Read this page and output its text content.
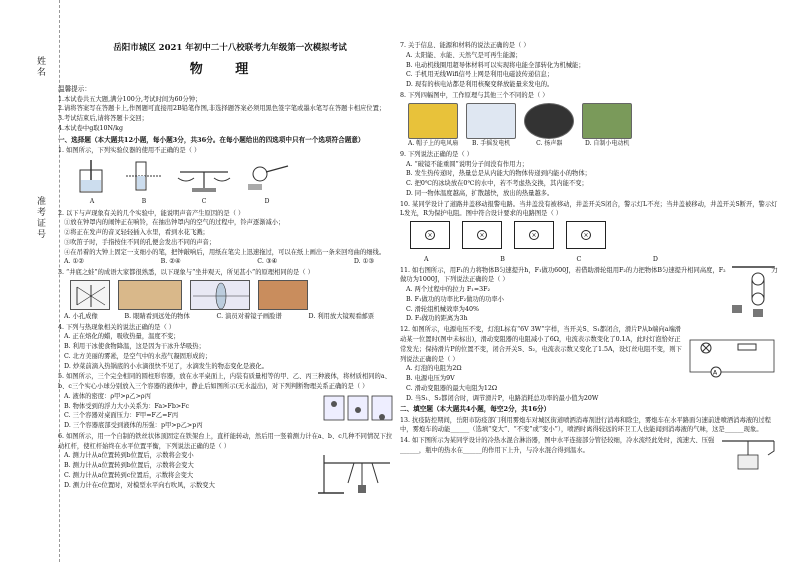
姓名
准考证号
岳阳市城区 2021 年初中二十八校联考九年级第一次模拟考试
物 理
温馨提示：
1.本试卷共五大题,满分100分,考试时间为60分钟；
2.请将答案写在答题卡上,作图题可直接用2B铅笔作图,非选择题答案必须用黑色签字笔或墨水笔写在答题卡相应位置；
3.考试结束后,请将答题卡交回；
4.本试卷中g取10N/kg
一、选择题（本大题共12小题，每小题3分，共36分。在每小题给出的四选项中只有一个选项符合题意）
1. 如图所示，下列实验仪器的使用不正确的是（ ）
A	B	C	D
2. 以下与声现象有关的几个实验中，能说明声音产生原因的是（ ）
①放在钟罩内的闹钟正在响铃，在抽出钟罩内的空气的过程中，铃声逐渐减小；
②将正在发声的音叉轻轻插入水里，看到水花飞溅；
③吹笛子时，手指按住不同的孔便会发出不同的声音；
④在吊着的大钟上固定一支细小的笔，把钟敲响后，用纸在笔尖上迅速拖过，可以在纸上画出一条来回弯曲的细线。
A. ①②	B. ②④	C. ③④	D. ①③
3. “井底之蛙”的成语大家都很熟悉，以下现象与“坐井观天，所见甚小”的原理相同的是（ ）
A. 小孔成像	B. 眼睛看到远处的物体	C. 演员对着镜子画脸谱	D. 利用放大镜观看邮票
4. 下列与热现象相关的说法正确的是（ ）
A. 正在熔化的蜡，吸收热量，温度不变；
B. 利用干冰使食物降温，这是因为干冰升华吸热；
C. 北方美丽的雾凇，是空气中的水蒸气凝固形成的；
D. 炒菜前滴入热锅底的小水滴很快不见了，水滴发生的物态变化是液化。
5. 如图所示，三个完全相同的圆柱形容器，放在水平桌面上，内装有质量相等的甲、乙、丙三种液体，将材质相同的a、b、c三个实心小球分别放入三个容器的液体中，静止后如图所示(无水溢出)，对下列判断物理关系正确的是（ ）
A. 液体的密度：ρ甲>ρ乙>ρ丙
B. 物体受到的浮力大小关系为：Fa>Fb>Fc
C. 三个容器对桌面压力：F甲=F乙=F丙
D. 三个容器底部受到液体的压强：p甲>p乙>p丙
6. 如图所示，用一个自制的铁丝状体顶固定在铁架台上，直杆能转动，然后用一竖着测力计在a、b、c几种不同情况下拉动杠杆，使杠杆始终在水平位置平衡，下列说法正确的是（ ）
A. 测力计从a位置转到b位置后，示数将会变小
B. 测力计从a位置转到b位置后，示数将会变大
C. 测力计从a位置转到c位置后，示数将会变大
D. 测力计在c位置时，对模型水平向右吹风，示数变大
7. 关于信息、能源和材料的说法正确的是（ ）
A. 太阳能、水能、天然气是可再生能源；
B. 电动机线圈用超导体材料可以实现将电能全部转化为机械能；
C. 手机用无线Wifi信号上网是利用电磁波传递信息；
D. 现有的核电站都是利用核聚变释放能量来发电的。
8. 下列四幅图中，工作原理与其他三个不同的是（ ）
A. 帽子上的电风扇
	B. 手摇发电机
	C. 扬声器
	D. 自制小电动机
9. 下列说法正确的是（ ）
A. “破镜不能重圆”说明分子间没有作用力；
B. 发生热传递时，热量总是从内能大的物体传递到内能小的物体；
C. 把0℃的冰块放在0℃的水中，若不考虑热交换，其内能不变；
D. 同一物体温度越高，扩散越快，放出的热量越多。
10. 某同学设计了道路井盖移动报警电路。当井盖没有被移动，井盖开关S闭合，警示灯L不亮；当井盖被移动，井盖开关S断开，警示灯L发光，R为保护电阻。图中符合设计要求的电路图是（ ）
×
	×
	×
	×
A	B	C	D
11. 如右图所示，用F₁的力将物体B匀速提升h，F₁做功600J，若借助滑轮组用F₂的力把物体B匀速提升相同高度，F₂做功为1000J，下列说法正确的是（ ）
A. 两个过程中的拉力 F₁=3F₂
B. F₁做功的功率比F₂做功的功率小
C. 滑轮组机械效率为40%
D. F₂做功的距离为3h
力
12. 如图所示，电源电压不变，灯泡L标有“6V 3W”字样，当开关S、S₁都闭合，滑片P从b端向a端滑动某一位置时(图中未标出)，滑动变阻器的电阻减小了6Ω，电流表示数变化了0.1A，此时灯泡恰好正常发光；保持滑片P的位置不变，闭合开关S、S₂，电流表示数又变化了1.5A，设灯丝电阻不变，则下列说法正确的是（ ）
A. 灯泡的电阻为2Ω
B. 电源电压为9V
C. 滑动变阻器的最大电阻为12Ω
D. 当S₁、S₂都闭合时，调节滑片P，电路消耗总功率的最小值为20W
A
二、填空题（本大题共4小题，每空2分，共16分）
13. 抗疫防控期间，岳阳市防疫部门利用雾炮车对城区街道喷洒消毒剂进行消毒和除尘，雾炮车在水平路面匀速前进喷洒消毒液的过程中，雾炮车的动能______（选填“变大”、“不变”或“变小”），喷洒时离得较远的环卫工人也能闻到消毒液的气味，这是______现象。
14. 如下图所示为某同学设计的冷热水混合淋浴器，图中水平连接部分管径较细，冷水流经此处时，流速大、压强______，瓶中的热水在______的作用下上升，与冷水混合得到温水。
